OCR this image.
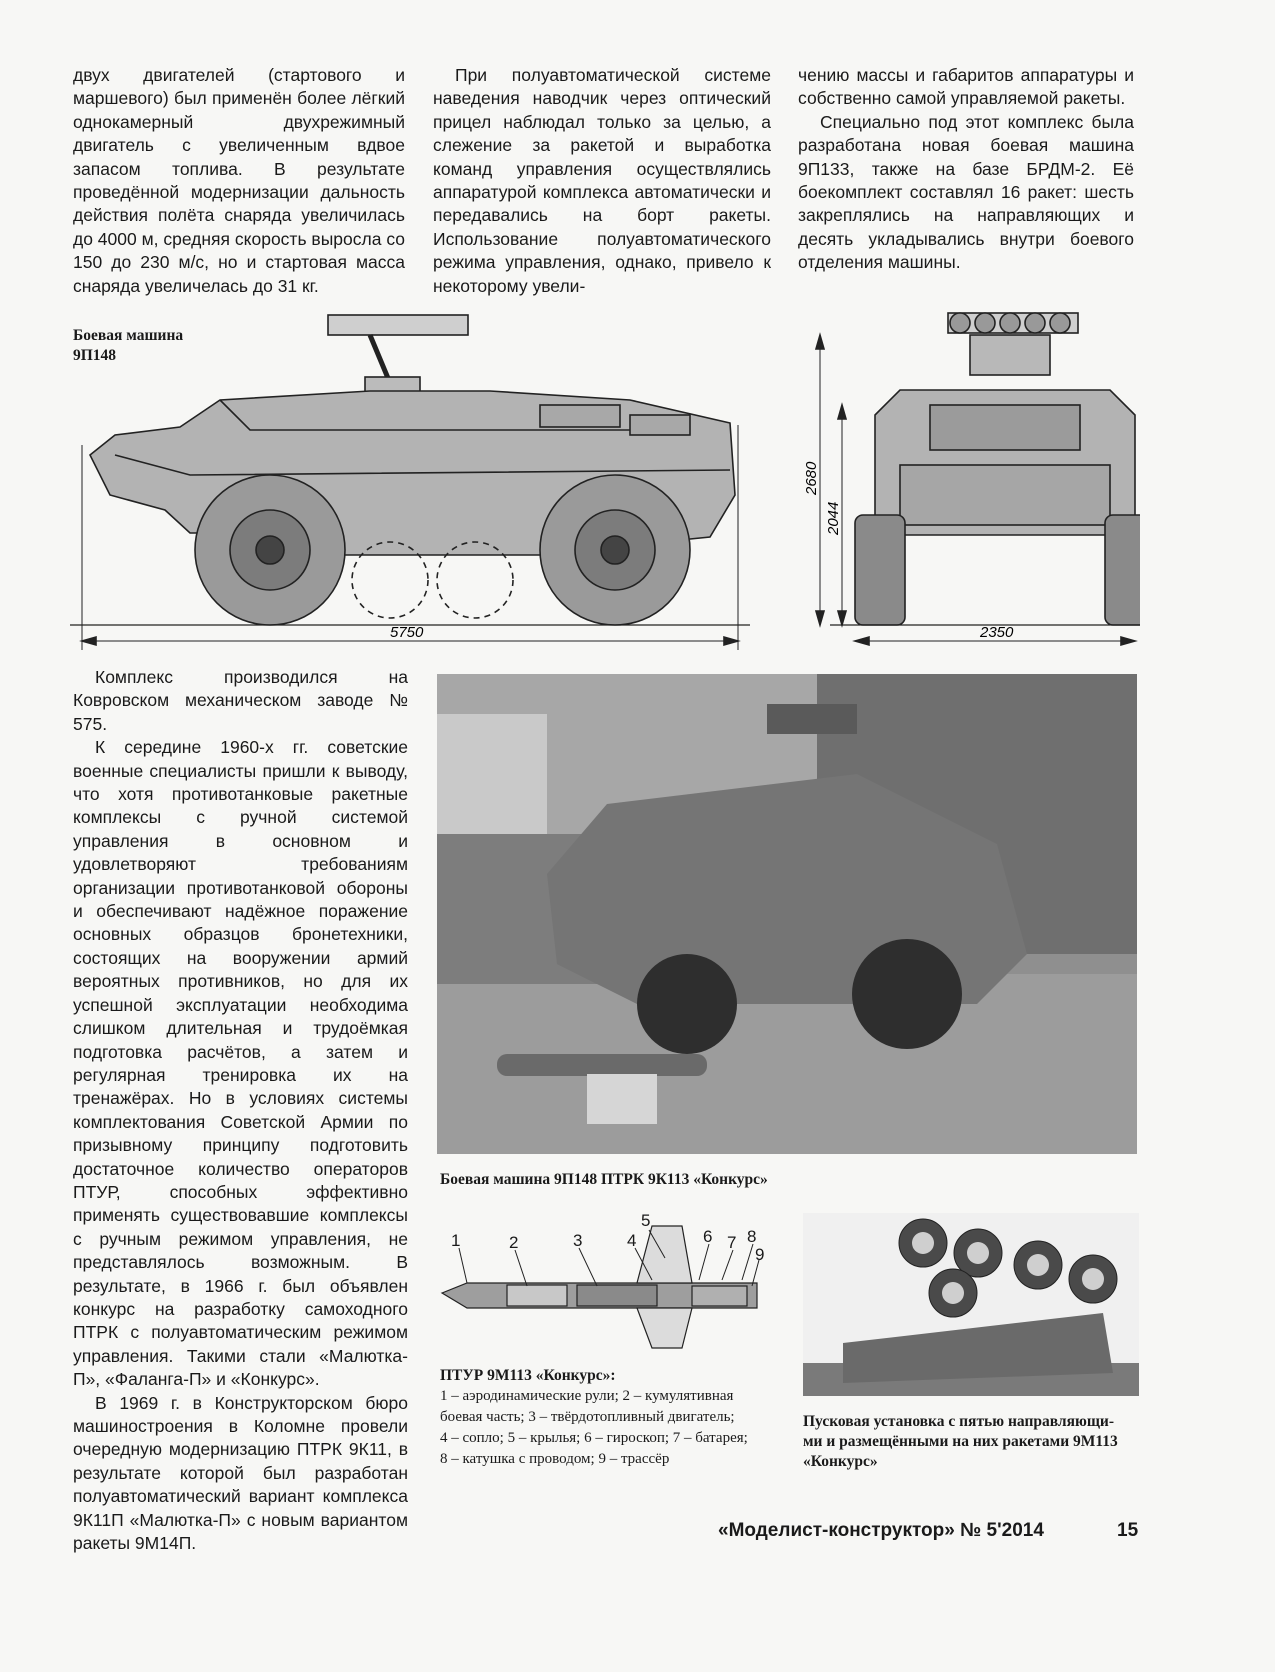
двух двигателей (стартового и маршевого) был применён более лёгкий однокамерный двухрежимный двигатель с увеличенным вдвое запасом топлива. В результате проведённой модернизации дальность действия полёта снаряда увеличилась до 4000 м, средняя скорость выросла со 150 до 230 м/с, но и стартовая масса снаряда увеличелась до 31 кг.

При полуавтоматической системе наведения наводчик через оптический прицел наблюдал только за целью, а слежение за ракетой и выработка команд управления осуществлялись аппаратурой комплекса автоматически и передавались на борт ракеты. Использование полуавтоматического режима управления, однако, привело к некоторому увели-

чению массы и габаритов аппаратуры и собственно самой управляемой ракеты.

Специально под этот комплекс была разработана новая боевая машина 9П133, также на базе БРДМ-2. Её боекомплект составлял 16 ракет: шесть закреплялись на направляющих и десять укладывались внутри боевого отделения машины.

Боевая машина
9П148
5750	2350
2680
2044

Комплекс производился на Ковровском механическом заводе № 575.

К середине 1960-х гг. советские военные специалисты пришли к выводу, что хотя противотанковые ракетные комплексы с ручной системой управления в основном и удовлетворяют требованиям организации противотанковой обороны и обеспечивают надёжное поражение основных образцов бронетехники, состоящих на вооружении армий вероятных противников, но для их успешной эксплуатации необходима слишком длительная и трудоёмкая подготовка расчётов, а затем и регулярная тренировка их на тренажёрах. Но в условиях системы комплектования Советской Армии по призывному принципу подготовить достаточное количество операторов ПТУР, способных эффективно применять существовавшие комплексы с ручным режимом управления, не представлялось возможным. В результате, в 1966 г. был объявлен конкурс на разработку самоходного ПТРК с полуавтоматическим режимом управления. Такими стали «Малютка-П», «Фаланга-П» и «Конкурс».

В 1969 г. в Конструкторском бюро машиностроения в Коломне провели очередную модернизацию ПТРК 9К11, в результате которой был разработан полуавтоматический вариант комплекса 9К11П «Малютка-П» с новым вариантом ракеты 9М14П.

Боевая машина 9П148 ПТРК 9К113 «Конкурс»
1	2	3	4
5
6 7 8
9
ПТУР 9М113 «Конкурс»:
1 – аэродинамические рули; 2 – кумулятивная
боевая часть; 3 – твёрдотопливный двигатель;
4 – сопло; 5 – крылья; 6 – гироскоп; 7 – батарея;
8 – катушка с проводом; 9 – трассёр
Пусковая установка с пятью направляющи-
ми и размещёнными на них ракетами 9М113
«Конкурс»
«Моделист-конструктор» № 5'2014	15
